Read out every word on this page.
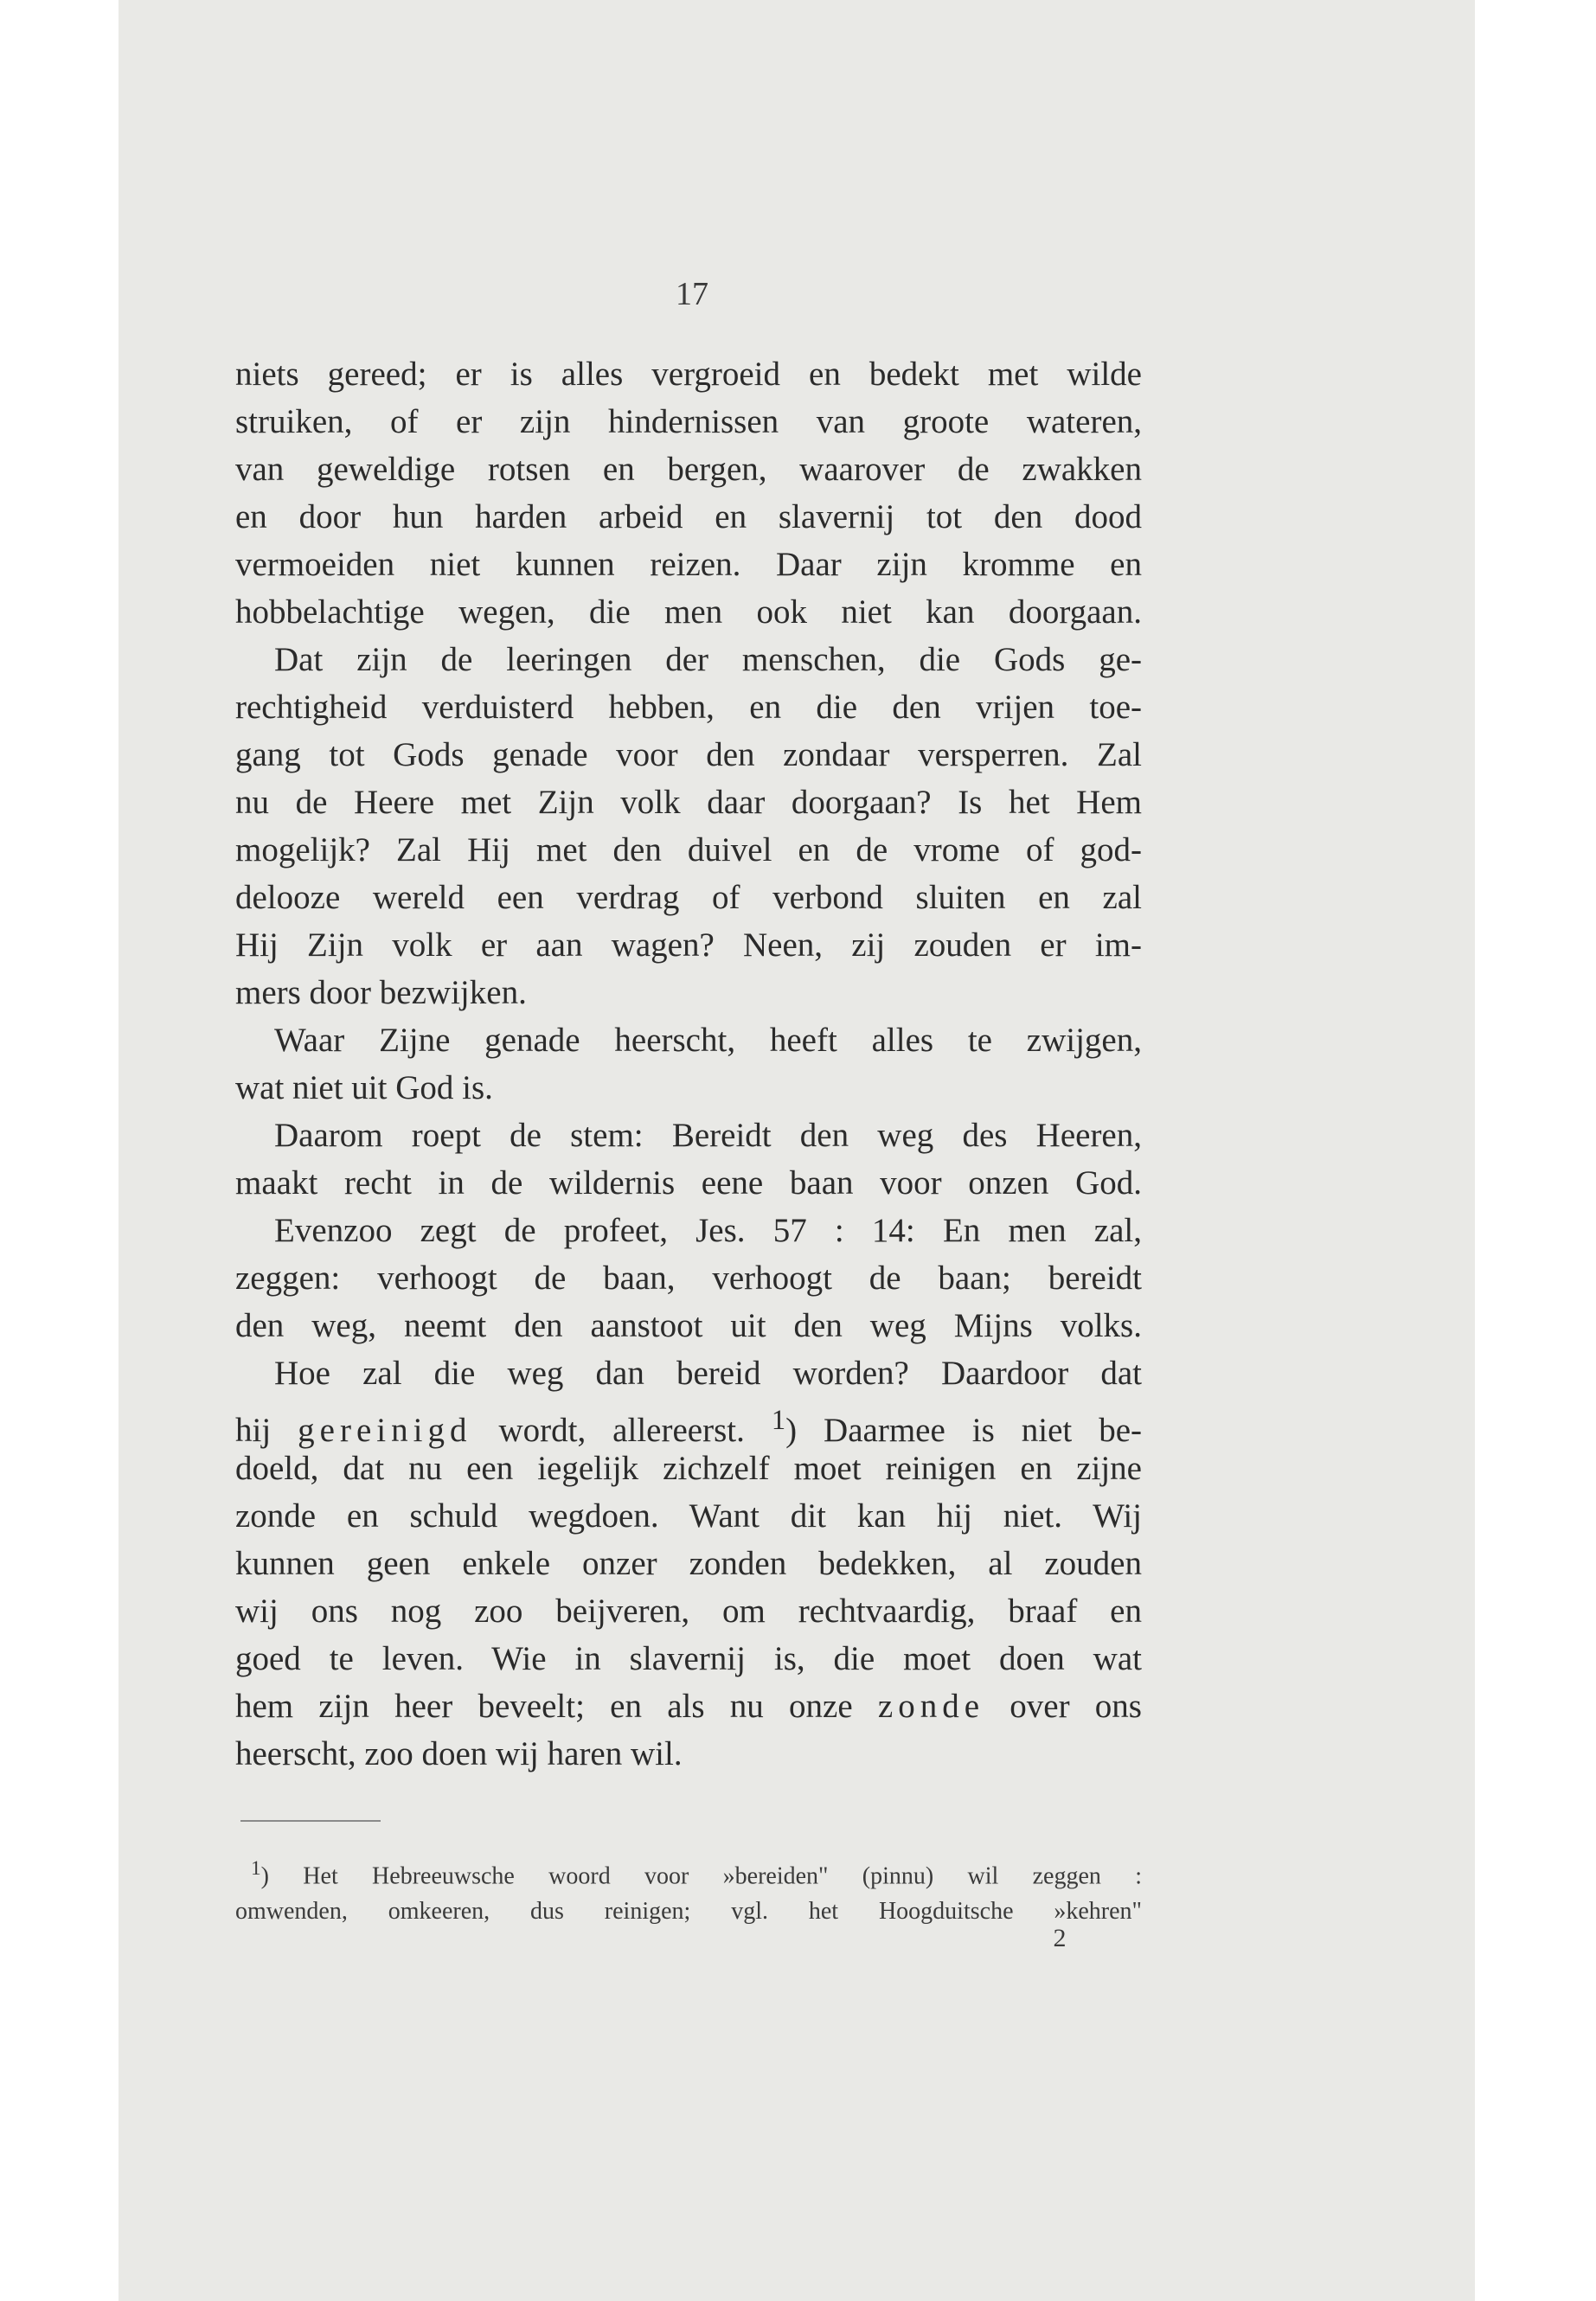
17
niets gereed; er is alles vergroeid en bedekt met wilde
struiken, of er zijn hindernissen van groote wateren,
van geweldige rotsen en bergen, waarover de zwakken
en door hun harden arbeid en slavernij tot den dood
vermoeiden niet kunnen reizen. Daar zijn kromme en
hobbelachtige wegen, die men ook niet kan doorgaan.
Dat zijn de leeringen der menschen, die Gods ge-
rechtigheid verduisterd hebben, en die den vrijen toe-
gang tot Gods genade voor den zondaar versperren. Zal
nu de Heere met Zijn volk daar doorgaan? Is het Hem
mogelijk? Zal Hij met den duivel en de vrome of god-
delooze wereld een verdrag of verbond sluiten en zal
Hij Zijn volk er aan wagen? Neen, zij zouden er im-
mers door bezwijken.
Waar Zijne genade heerscht, heeft alles te zwijgen,
wat niet uit God is.
Daarom roept de stem: Bereidt den weg des Heeren,
maakt recht in de wildernis eene baan voor onzen God.
Evenzoo zegt de profeet, Jes. 57 : 14: En men zal,
zeggen: verhoogt de baan, verhoogt de baan; bereidt
den weg, neemt den aanstoot uit den weg Mijns volks.
Hoe zal die weg dan bereid worden? Daardoor dat
hij gereinigd wordt, allereerst. $^1$) Daarmee is niet be-
doeld, dat nu een iegelijk zichzelf moet reinigen en zijne
zonde en schuld wegdoen. Want dit kan hij niet. Wij
kunnen geen enkele onzer zonden bedekken, al zouden
wij ons nog zoo beijveren, om rechtvaardig, braaf en
goed te leven. Wie in slavernij is, die moet doen wat
hem zijn heer beveelt; en als nu onze zonde over ons
heerscht, zoo doen wij haren wil.
$^1$) Het Hebreeuwsche woord voor »bereiden" (pinnu) wil zeggen :
omwenden, omkeeren, dus reinigen; vgl. het Hoogduitsche »kehren"
2
